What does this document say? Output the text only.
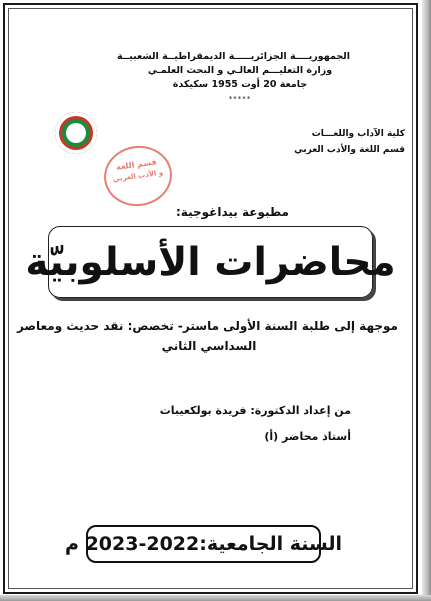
الجمهوريــــة الجزائريـــــة الديمقراطيــة الشعبيــة
وزارة التعليـــم العالـي و البحث العلمـي
جامعة 20 أوت 1955 سكيكدة
*****
كلية الآداب واللغـــات
قسم اللغة والأدب العربي
قسم اللغة
و الأدب العربي
مطبوعة بيداغوجية:
محاضرات الأسلوبيّة
موجهة إلى طلبة السنة الأولى ماستر- تخصص: نقد حديث ومعاصر
السداسي الثاني
من إعداد الدكتورة: فريدة بولكعيبات
أستاذ محاضر (أ)
السنة الجامعية:2022-2023 م
